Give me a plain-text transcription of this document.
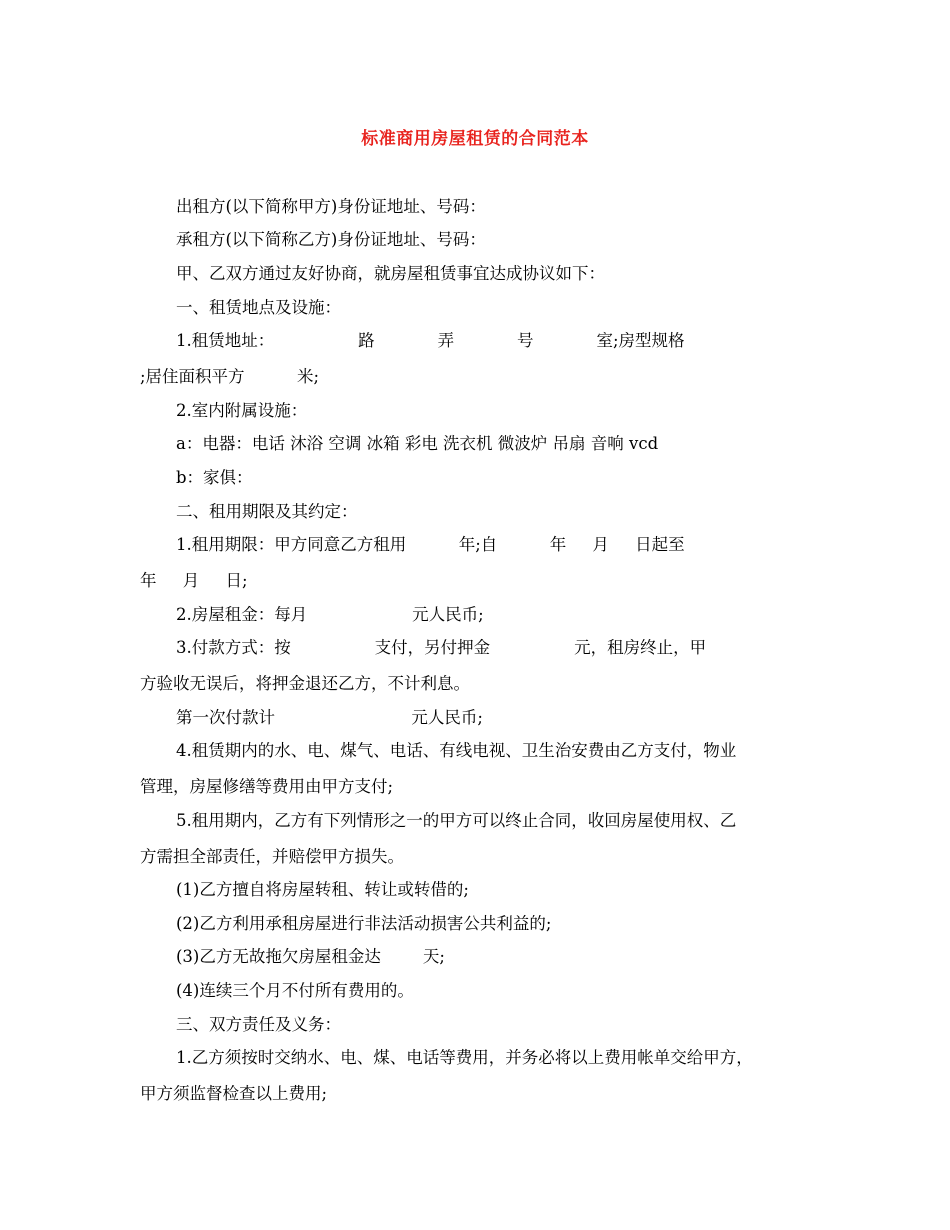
标准商用房屋租赁的合同范本
出租方(以下简称甲方)身份证地址、号码：
承租方(以下简称乙方)身份证地址、号码：
甲、乙双方通过友好协商，就房屋租赁事宜达成协议如下：
一、租赁地点及设施：
1.租赁地址：                路            弄            号            室;房型规格
;居住面积平方          米;
2.室内附属设施：
a：电器：电话 沐浴 空调 冰箱 彩电 洗衣机 微波炉 吊扇 音响 vcd
b：家俱：
二、租用期限及其约定：
1.租用期限：甲方同意乙方租用          年;自          年     月     日起至
年     月     日;
2.房屋租金：每月                    元人民币;
3.付款方式：按                支付，另付押金                元，租房终止，甲
方验收无误后，将押金退还乙方，不计利息。
第一次付款计                          元人民币;
4.租赁期内的水、电、煤气、电话、有线电视、卫生治安费由乙方支付，物业
管理，房屋修缮等费用由甲方支付;
5.租用期内，乙方有下列情形之一的甲方可以终止合同，收回房屋使用权、乙
方需担全部责任，并赔偿甲方损失。
(1)乙方擅自将房屋转租、转让或转借的;
(2)乙方利用承租房屋进行非法活动损害公共利益的;
(3)乙方无故拖欠房屋租金达        天;
(4)连续三个月不付所有费用的。
三、双方责任及义务：
1.乙方须按时交纳水、电、煤、电话等费用，并务必将以上费用帐单交给甲方，
甲方须监督检查以上费用;
